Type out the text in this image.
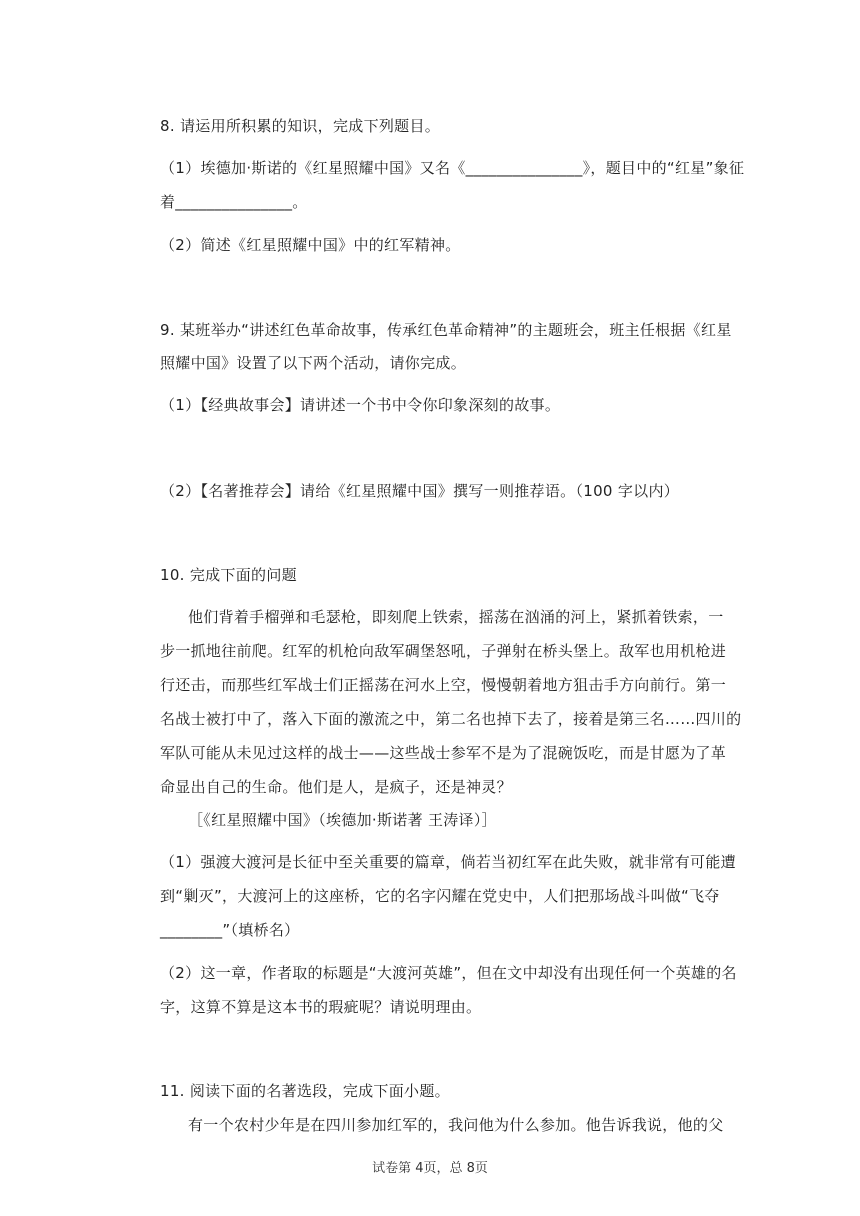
8. 请运用所积累的知识，完成下列题目。
（1）埃德加·斯诺的《红星照耀中国》又名《_______________》，题目中的“红星”象征
着_______________。
（2）简述《红星照耀中国》中的红军精神。
9. 某班举办“讲述红色革命故事，传承红色革命精神”的主题班会，班主任根据《红星
照耀中国》设置了以下两个活动，请你完成。
（1）【经典故事会】请讲述一个书中令你印象深刻的故事。
（2）【名著推荐会】请给《红星照耀中国》撰写一则推荐语。（100 字以内）
10. 完成下面的问题
他们背着手榴弹和毛瑟枪，即刻爬上铁索，摇荡在汹涌的河上，紧抓着铁索，一
步一抓地往前爬。红军的机枪向敌军碉堡怒吼，子弹射在桥头堡上。敌军也用机枪进
行还击，而那些红军战士们正摇荡在河水上空，慢慢朝着地方狙击手方向前行。第一
名战士被打中了，落入下面的激流之中，第二名也掉下去了，接着是第三名……四川的
军队可能从未见过这样的战士——这些战士参军不是为了混碗饭吃，而是甘愿为了革
命显出自己的生命。他们是人，是疯子，还是神灵？
［《红星照耀中国》（埃德加·斯诺著 王涛译）］
（1）强渡大渡河是长征中至关重要的篇章，倘若当初红军在此失败，就非常有可能遭
到“剿灭”，大渡河上的这座桥，它的名字闪耀在党史中，人们把那场战斗叫做“飞夺
________”（填桥名）
（2）这一章，作者取的标题是“大渡河英雄”，但在文中却没有出现任何一个英雄的名
字，这算不算是这本书的瑕疵呢？请说明理由。
11. 阅读下面的名著选段，完成下面小题。
有一个农村少年是在四川参加红军的，我问他为什么参加。他告诉我说，他的父
试卷第 4页，总 8页
